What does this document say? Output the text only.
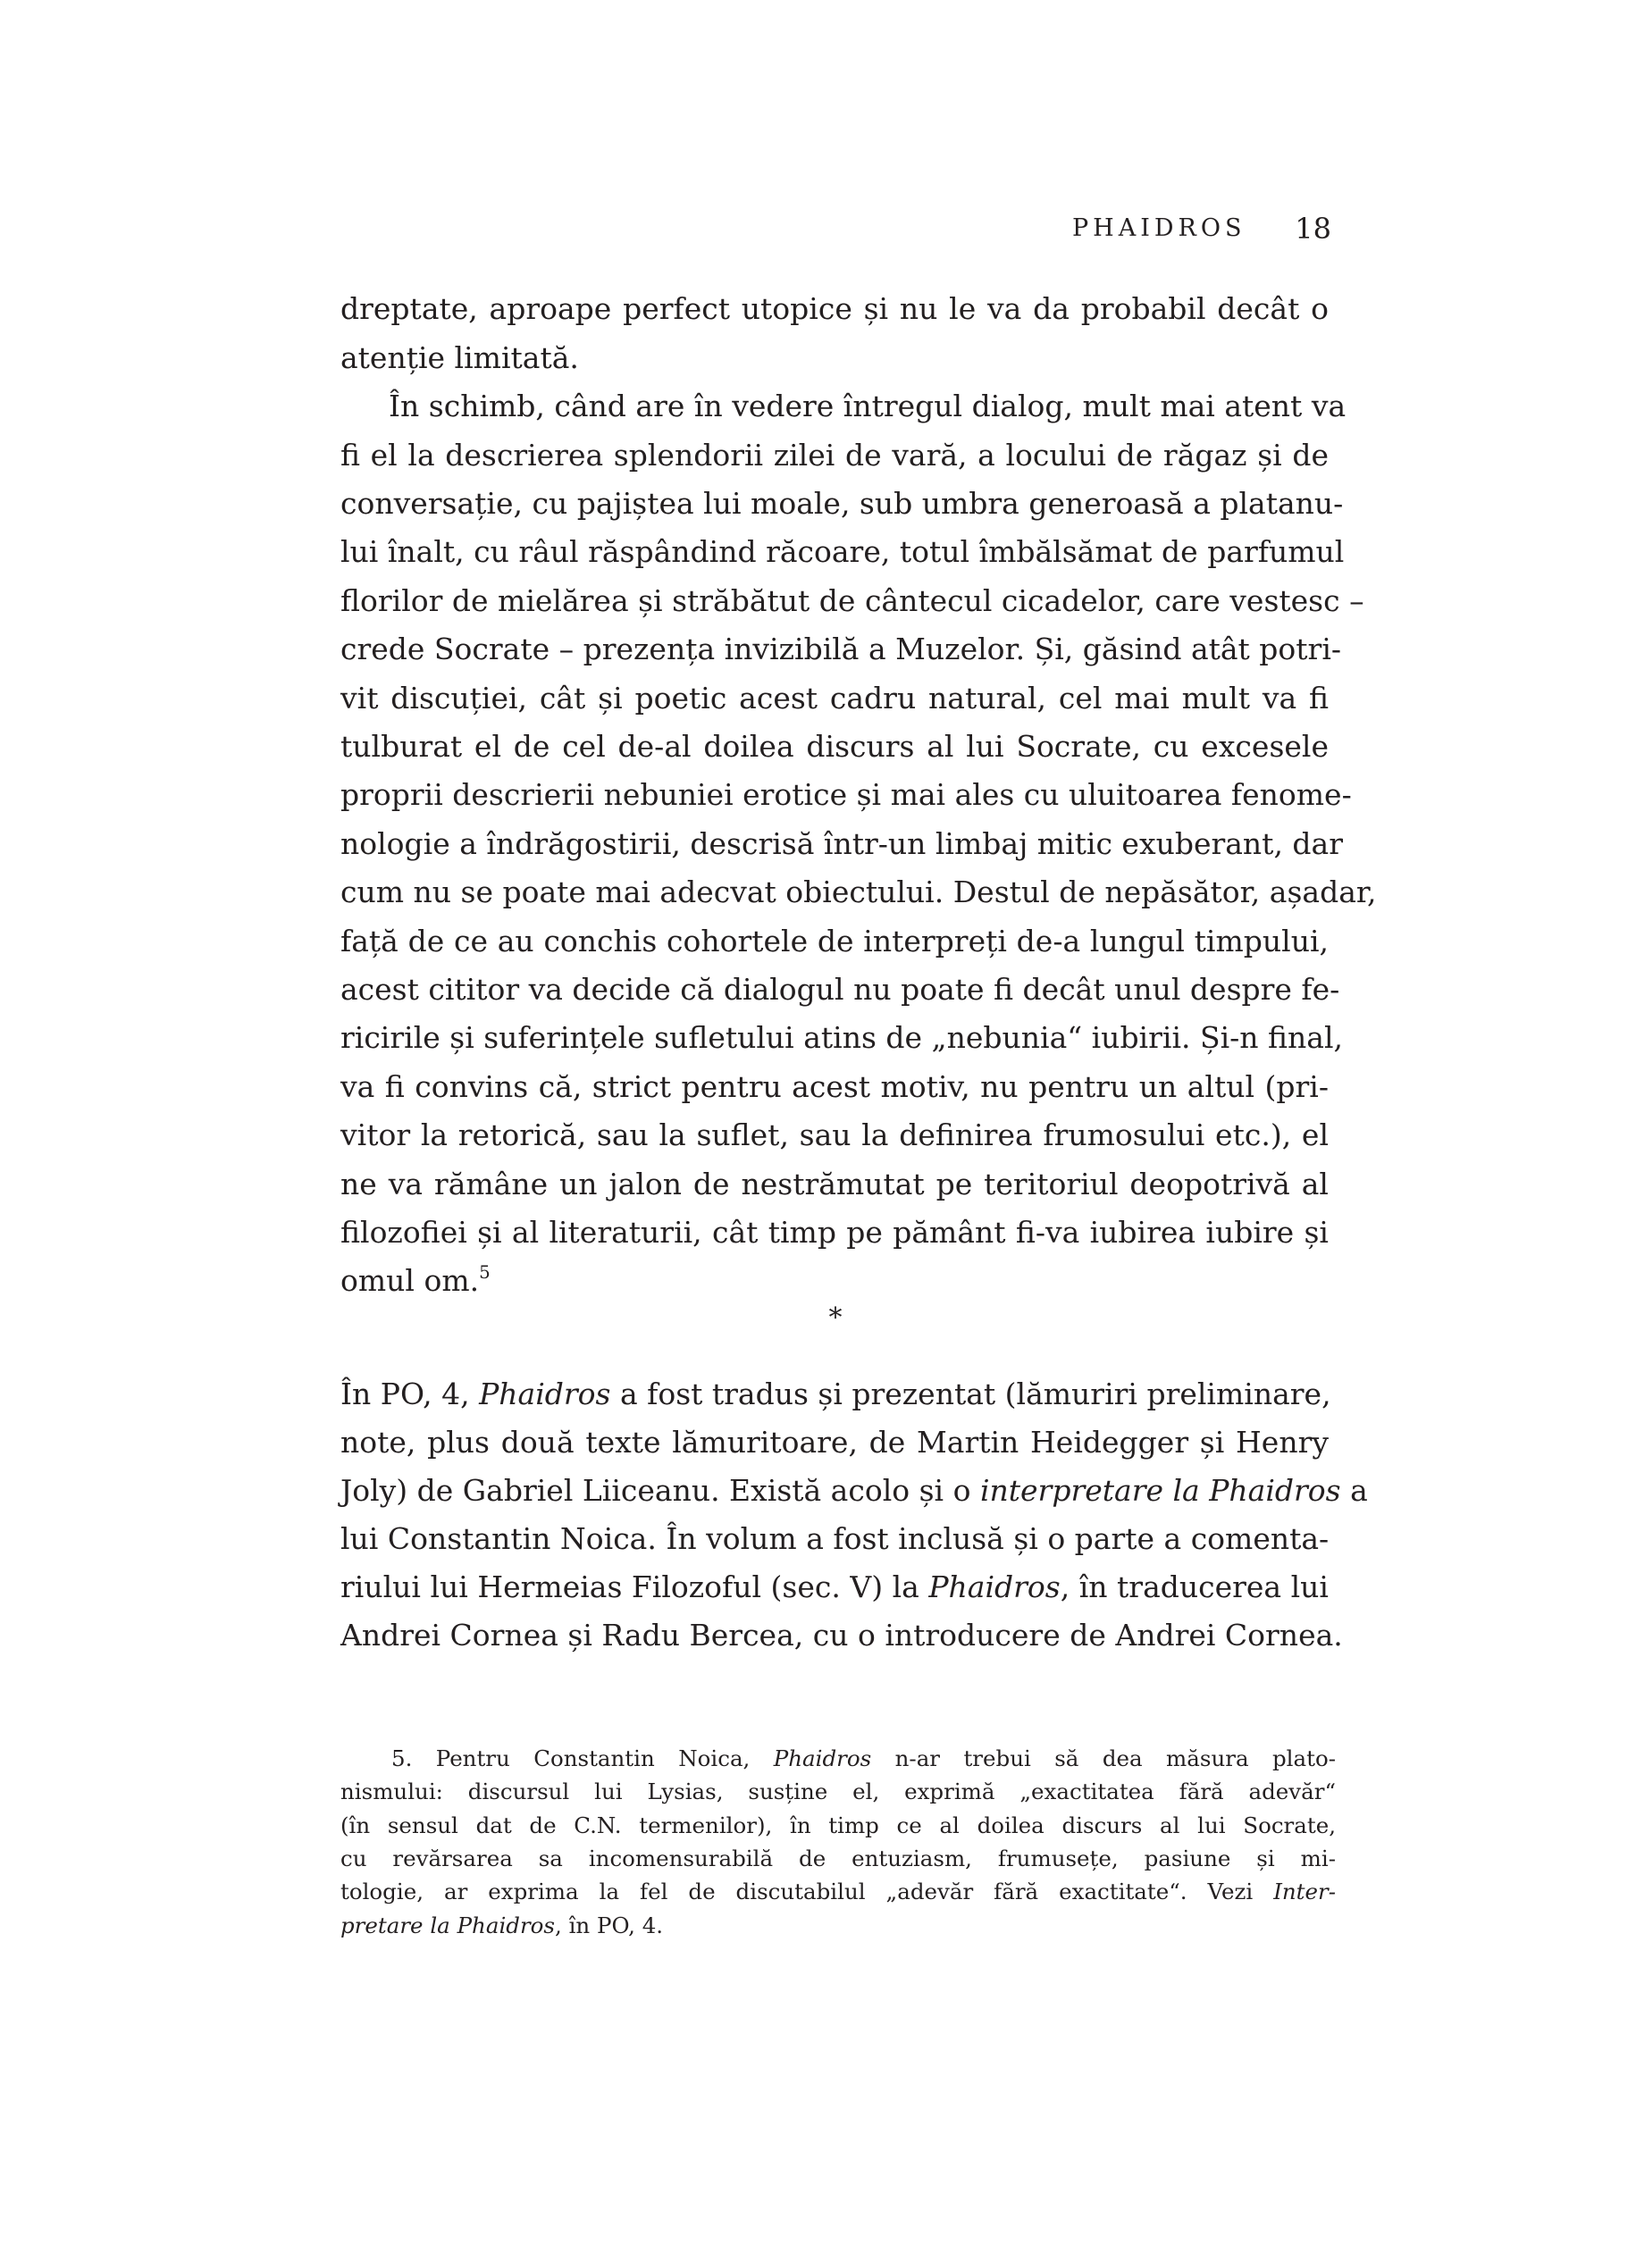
PHAIDROS 18
dreptate, aproape perfect utopice și nu le va da probabil decât o
atenție limitată.
În schimb, când are în vedere întregul dialog, mult mai atent va
fi el la descrierea splendorii zilei de vară, a locului de răgaz și de
conversație, cu pajiștea lui moale, sub umbra generoasă a platanu-
lui înalt, cu râul răspândind răcoare, totul îmbălsămat de parfumul
florilor de mielărea și străbătut de cântecul cicadelor, care vestesc –
crede Socrate – prezența invizibilă a Muzelor. Și, găsind atât potri-
vit discuției, cât și poetic acest cadru natural, cel mai mult va fi
tulburat el de cel de-al doilea discurs al lui Socrate, cu excesele
proprii descrierii nebuniei erotice și mai ales cu uluitoarea fenome-
nologie a îndrăgostirii, descrisă într-un limbaj mitic exuberant, dar
cum nu se poate mai adecvat obiectului. Destul de nepăsător, așadar,
față de ce au conchis cohortele de interpreți de-a lungul timpului,
acest cititor va decide că dialogul nu poate fi decât unul despre fe-
ricirile și suferințele sufletului atins de „nebunia“ iubirii. Și-n final,
va fi convins că, strict pentru acest motiv, nu pentru un altul (pri-
vitor la retorică, sau la suflet, sau la definirea frumosului etc.), el
ne va rămâne un jalon de nestrămutat pe teritoriul deopotrivă al
filozofiei și al literaturii, cât timp pe pământ fi-va iubirea iubire și
omul om.$^5$
*
În PO, 4, Phaidros a fost tradus și prezentat (lămuriri preliminare,
note, plus două texte lămuritoare, de Martin Heidegger și Henry
Joly) de Gabriel Liiceanu. Există acolo și o interpretare la Phaidros a
lui Constantin Noica. În volum a fost inclusă și o parte a comenta-
riului lui Hermeias Filozoful (sec. V) la Phaidros, în traducerea lui
Andrei Cornea și Radu Bercea, cu o introducere de Andrei Cornea.
5. Pentru Constantin Noica, Phaidros n-ar trebui să dea măsura plato-
nismului: discursul lui Lysias, susține el, exprimă „exactitatea fără adevăr“
(în sensul dat de C.N. termenilor), în timp ce al doilea discurs al lui Socrate,
cu revărsarea sa incomensurabilă de entuziasm, frumusețe, pasiune și mi-
tologie, ar exprima la fel de discutabilul „adevăr fără exactitate“. Vezi Inter-
pretare la Phaidros, în PO, 4.
